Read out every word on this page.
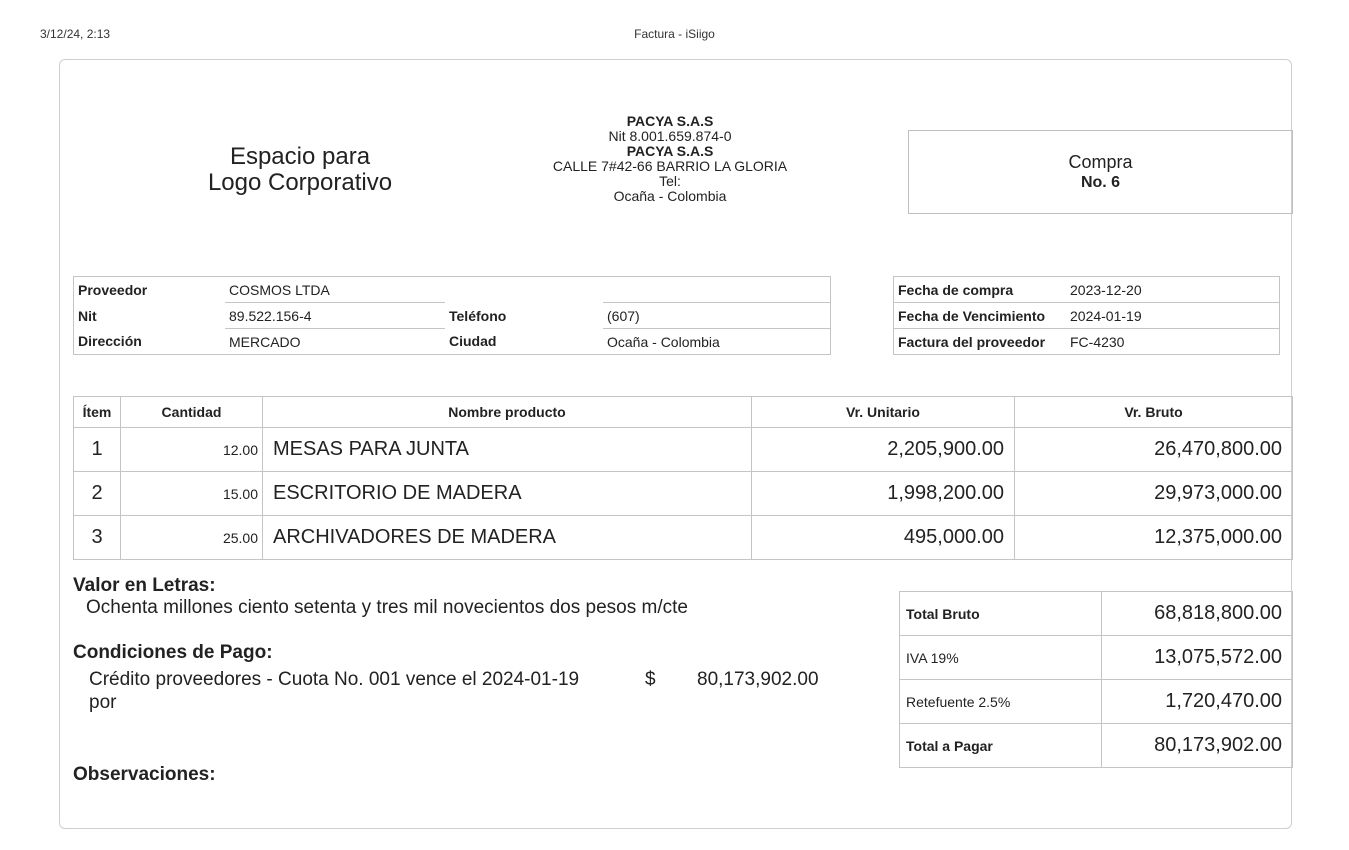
3/12/24, 2:13	Factura - iSiigo
Espacio para
Logo Corporativo
PACYA S.A.S
Nit 8.001.659.874-0
PACYA S.A.S
CALLE 7#42-66 BARRIO LA GLORIA
Tel:
Ocaña - Colombia
Compra
No. 6
Proveedor	COSMOS LTDA		
Nit	89.522.156-4	Teléfono	(607)
Dirección	MERCADO	Ciudad	Ocaña - Colombia
Fecha de compra	2023-12-20
Fecha de Vencimiento	2024-01-19
Factura del proveedor	FC-4230
Ítem	Cantidad	Nombre producto	Vr. Unitario	Vr. Bruto
1	12.00	MESAS PARA JUNTA	2,205,900.00	26,470,800.00
2	15.00	ESCRITORIO DE MADERA	1,998,200.00	29,973,000.00
3	25.00	ARCHIVADORES DE MADERA	495,000.00	12,375,000.00
Valor en Letras:
Ochenta millones ciento setenta y tres mil novecientos dos pesos m/cte
Condiciones de Pago:
Crédito proveedores - Cuota No. 001 vence el 2024-01-19	$ 80,173,902.00
por
Observaciones:
Total Bruto	68,818,800.00
IVA 19%	13,075,572.00
Retefuente 2.5%	1,720,470.00
Total a Pagar	80,173,902.00
